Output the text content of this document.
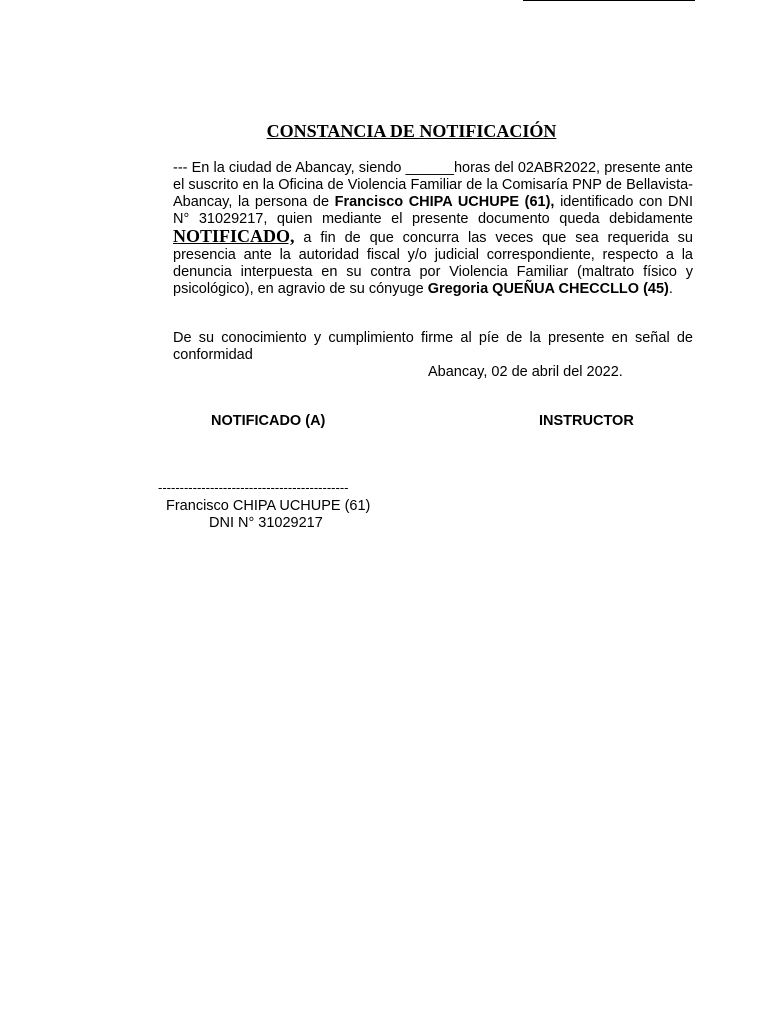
CONSTANCIA DE NOTIFICACIÓN
--- En la ciudad de Abancay, siendo ______horas del 02ABR2022, presente ante el suscrito en la Oficina de Violencia Familiar de la Comisaría PNP de Bellavista-Abancay, la persona de Francisco CHIPA UCHUPE (61), identificado con DNI N° 31029217, quien mediante el presente documento queda debidamente NOTIFICADO, a fin de que concurra las veces que sea requerida su presencia ante la autoridad fiscal y/o judicial correspondiente, respecto a la denuncia interpuesta en su contra por Violencia Familiar (maltrato físico y psicológico), en agravio de su cónyuge Gregoria QUEÑUA CHECCLLO (45).
De su conocimiento y cumplimiento firme al píe de la presente en señal de conformidad
Abancay, 02 de abril del 2022.
NOTIFICADO (A)	INSTRUCTOR
--------------------------------------------
Francisco CHIPA UCHUPE (61)
DNI N° 31029217
